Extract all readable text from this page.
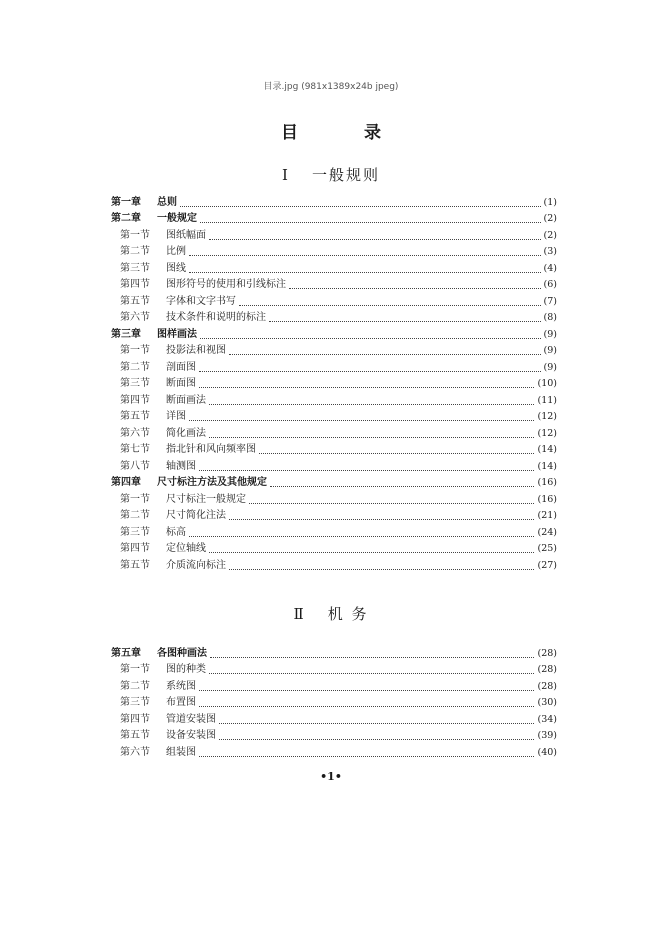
目录.jpg (981x1389x24b jpeg)
目 录
Ⅰ 一般规则
第一章	总则	(1)
第二章	一般规定	(2)
第一节	图纸幅面	(2)
第二节	比例	(3)
第三节	图线	(4)
第四节	图形符号的使用和引线标注	(6)
第五节	字体和文字书写	(7)
第六节	技术条件和说明的标注	(8)
第三章	图样画法	(9)
第一节	投影法和视图	(9)
第二节	剖面图	(9)
第三节	断面图	(10)
第四节	断面画法	(11)
第五节	详图	(12)
第六节	简化画法	(12)
第七节	指北针和风向频率图	(14)
第八节	轴测图	(14)
第四章	尺寸标注方法及其他规定	(16)
第一节	尺寸标注一般规定	(16)
第二节	尺寸简化注法	(21)
第三节	标高	(24)
第四节	定位轴线	(25)
第五节	介质流向标注	(27)
Ⅱ 机 务
第五章	各图种画法	(28)
第一节	图的种类	(28)
第二节	系统图	(28)
第三节	布置图	(30)
第四节	管道安装图	(34)
第五节	设备安装图	(39)
第六节	组装图	(40)
•1•
